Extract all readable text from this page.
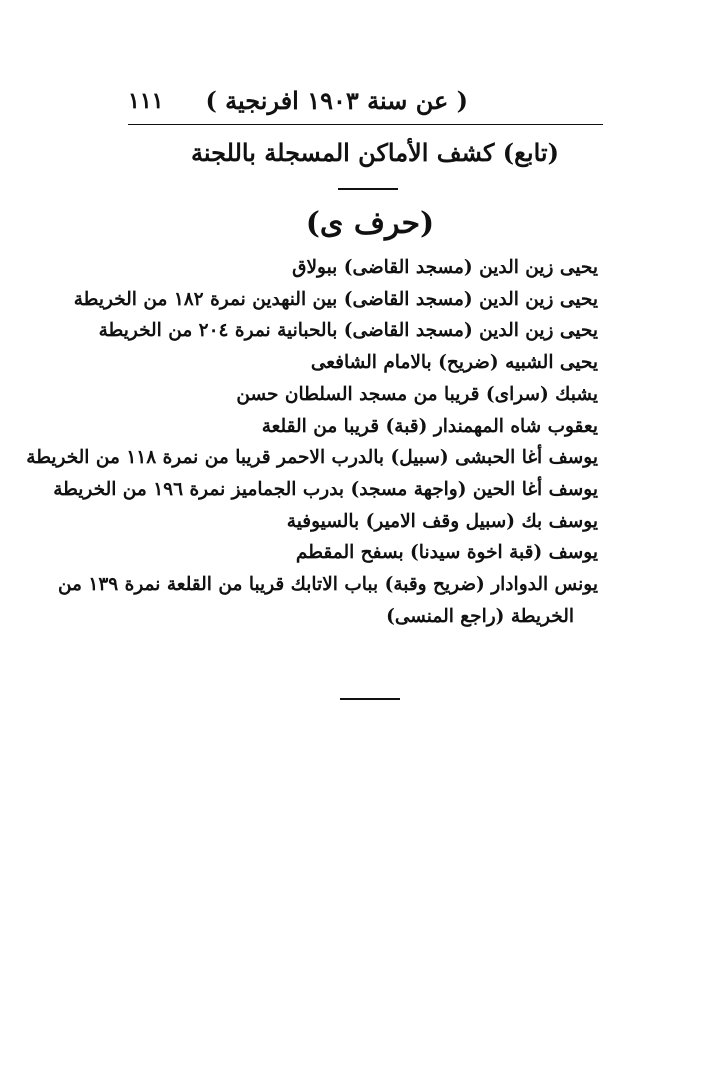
١١١ ( عن سنة ١٩٠٣ افرنجية )
(تابع) كشف الأماكن المسجلة باللجنة
(حرف ى)

يحيى زين الدين (مسجد القاضى) ببولاق

يحيى زين الدين (مسجد القاضى) بين النهدين نمرة ١٨٢ من الخريطة

يحيى زين الدين (مسجد القاضى) بالحبانية نمرة ٢٠٤ من الخريطة

يحيى الشبيه (ضريح) بالامام الشافعى

يشبك (سراى) قريبا من مسجد السلطان حسن

يعقوب شاه المهمندار (قبة) قريبا من القلعة

يوسف أغا الحبشى (سبيل) بالدرب الاحمر قريبا من نمرة ١١٨ من الخريطة

يوسف أغا الحين (واجهة مسجد) بدرب الجماميز نمرة ١٩٦ من الخريطة

يوسف بك (سبيل وقف الامير) بالسيوفية

يوسف (قبة اخوة سيدنا) بسفح المقطم

يونس الدوادار (ضريح وقبة) بباب الاتابك قريبا من القلعة نمرة ١٣٩ من

الخريطة (راجع المنسى)
